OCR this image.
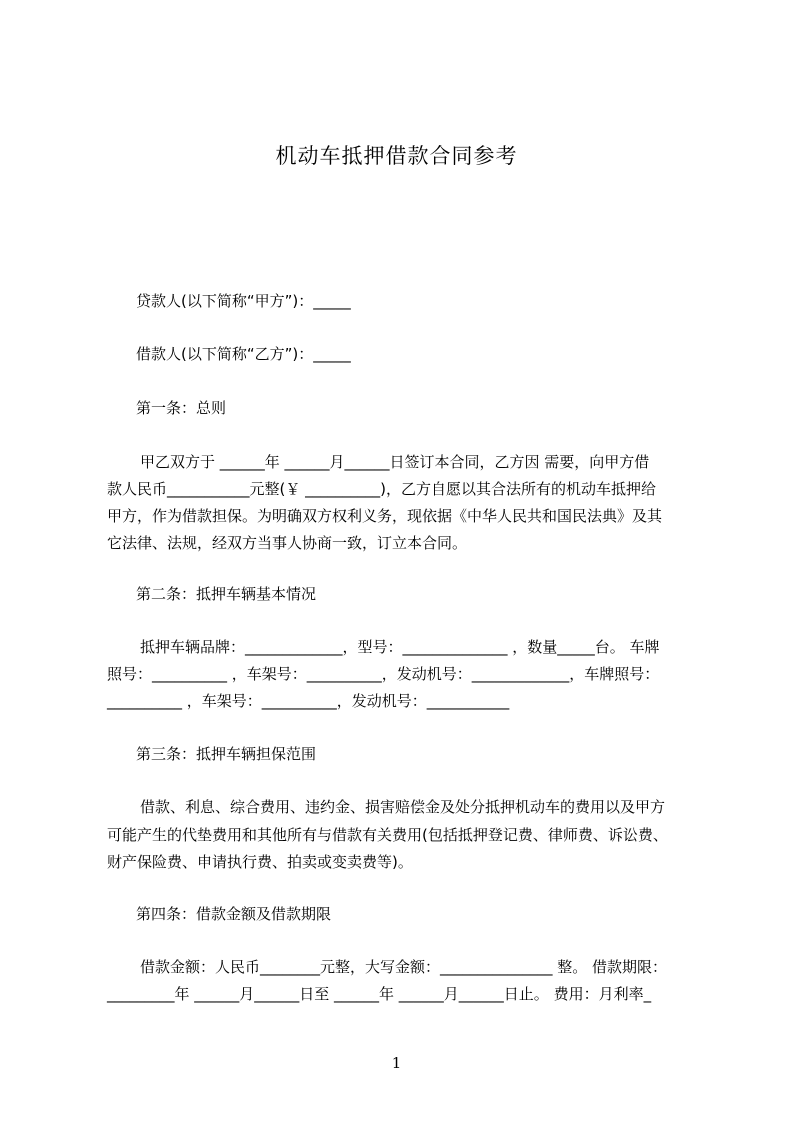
机动车抵押借款合同参考
贷款人(以下简称“甲方”)：_____
借款人(以下简称“乙方”)：_____
第一条：总则
甲乙双方于 ______年 ______月______日签订本合同，乙方因 需要，向甲方借
款人民币___________元整(￥ __________)，乙方自愿以其合法所有的机动车抵押给
甲方，作为借款担保。为明确双方权利义务，现依据《中华人民共和国民法典》及其
它法律、法规，经双方当事人协商一致，订立本合同。
第二条：抵押车辆基本情况
抵押车辆品牌：_____________，型号：______________ ，数量_____台。 车牌
照号：__________ ，车架号：__________，发动机号：_____________，车牌照号：
__________ ，车架号：__________，发动机号：___________
第三条：抵押车辆担保范围
借款、利息、综合费用、违约金、损害赔偿金及处分抵押机动车的费用以及甲方
可能产生的代垫费用和其他所有与借款有关费用(包括抵押登记费、律师费、诉讼费、
财产保险费、申请执行费、拍卖或变卖费等)。
第四条：借款金额及借款期限
借款金额：人民币________元整，大写金额：_______________ 整。 借款期限：
_________年 ______月______日至 ______年 ______月______日止。 费用：月利率_
1
